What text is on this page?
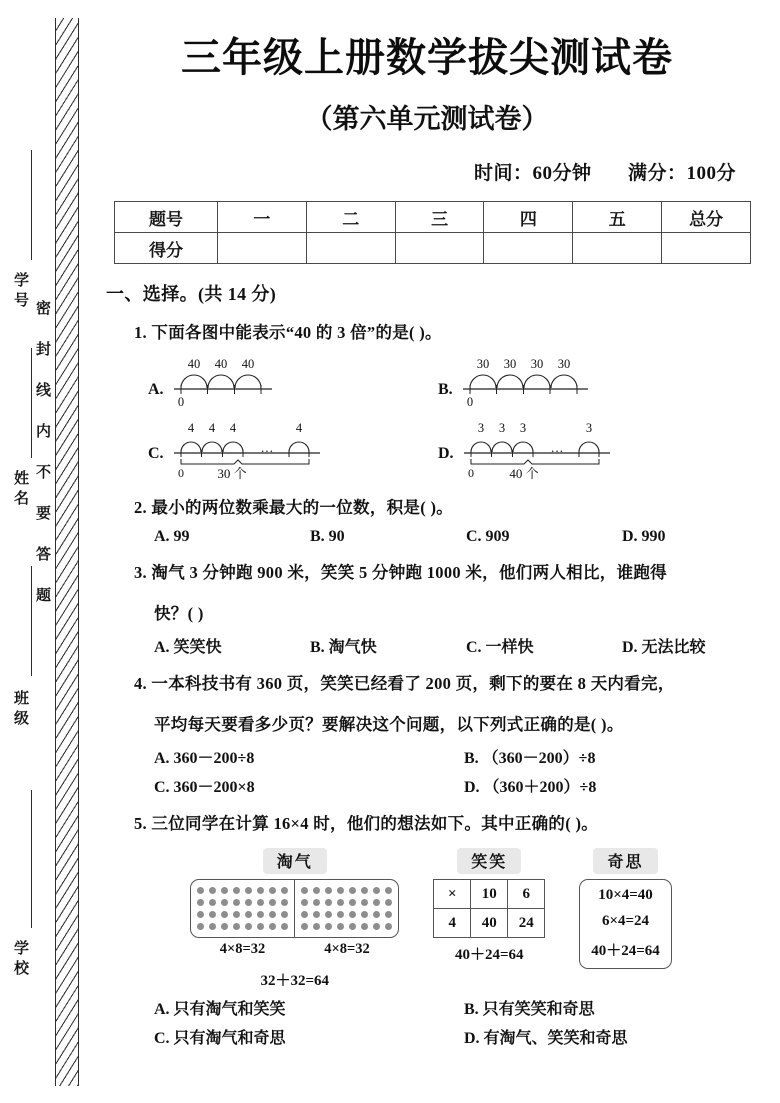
密封线内不要答题
学号
姓名
班级
学校
三年级上册数学拔尖测试卷
（第六单元测试卷）
时间：60分钟 满分：100分
题号	一	二	三	四	五	总分
得分						
一、选择。(共 14 分)
1. 下面各图中能表示“40 的 3 倍”的是( )。
A.
40 40 40
0
B.
30 30 30 30
0
C.
4 4 4	4
…
0	30 个
D.
3 3 3	3
…
0	40 个
2. 最小的两位数乘最大的一位数，积是( )。
A. 99	B. 90	C. 909	D. 990
3. 淘气 3 分钟跑 900 米，笑笑 5 分钟跑 1000 米，他们两人相比，谁跑得
快？( )
A. 笑笑快	B. 淘气快	C. 一样快	D. 无法比较
4. 一本科技书有 360 页，笑笑已经看了 200 页，剩下的要在 8 天内看完，
平均每天要看多少页？要解决这个问题，以下列式正确的是( )。
A. 360－200÷8	B. （360－200）÷8
C. 360－200×8	D. （360＋200）÷8
5. 三位同学在计算 16×4 时，他们的想法如下。其中正确的( )。
淘气
4×8=32	4×8=32
32＋32=64
笑笑
×	10	6
4	40	24
40＋24=64
奇思
10×4=40
6×4=24
40＋24=64
A. 只有淘气和笑笑	B. 只有笑笑和奇思
C. 只有淘气和奇思	D. 有淘气、笑笑和奇思
